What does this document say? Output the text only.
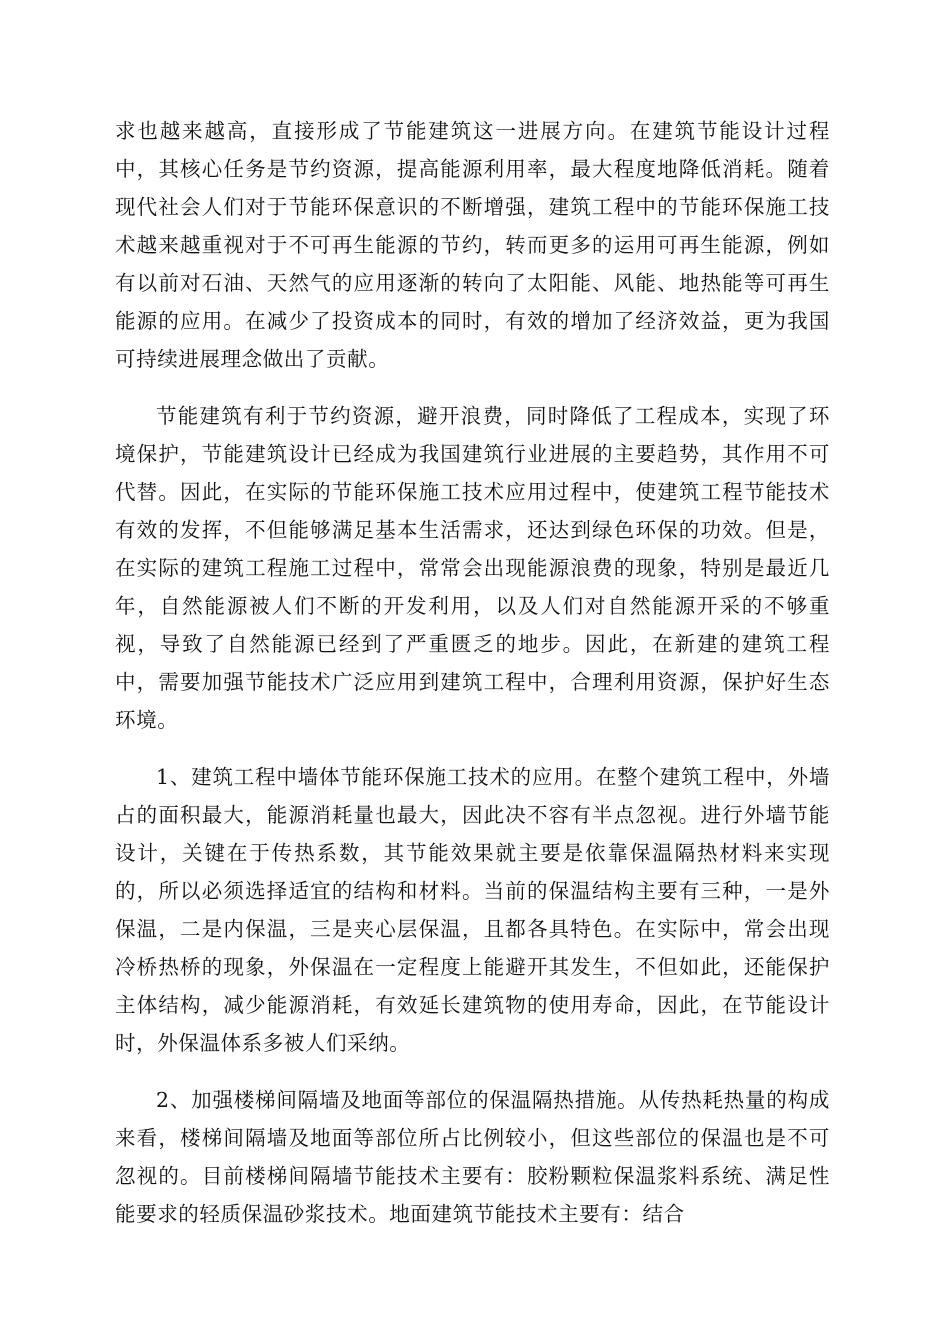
求也越来越高，直接形成了节能建筑这一进展方向。在建筑节能设计过程中，其核心任务是节约资源，提高能源利用率，最大程度地降低消耗。随着现代社会人们对于节能环保意识的不断增强，建筑工程中的节能环保施工技术越来越重视对于不可再生能源的节约，转而更多的运用可再生能源，例如有以前对石油、天然气的应用逐渐的转向了太阳能、风能、地热能等可再生能源的应用。在减少了投资成本的同时，有效的增加了经济效益，更为我国可持续进展理念做出了贡献。

节能建筑有利于节约资源，避开浪费，同时降低了工程成本，实现了环境保护，节能建筑设计已经成为我国建筑行业进展的主要趋势，其作用不可代替。因此，在实际的节能环保施工技术应用过程中，使建筑工程节能技术有效的发挥，不但能够满足基本生活需求，还达到绿色环保的功效。但是，在实际的建筑工程施工过程中，常常会出现能源浪费的现象，特别是最近几年，自然能源被人们不断的开发利用，以及人们对自然能源开采的不够重视，导致了自然能源已经到了严重匮乏的地步。因此，在新建的建筑工程中，需要加强节能技术广泛应用到建筑工程中，合理利用资源，保护好生态环境。

1、建筑工程中墙体节能环保施工技术的应用。在整个建筑工程中，外墙占的面积最大，能源消耗量也最大，因此决不容有半点忽视。进行外墙节能设计，关键在于传热系数，其节能效果就主要是依靠保温隔热材料来实现的，所以必须选择适宜的结构和材料。当前的保温结构主要有三种，一是外保温，二是内保温，三是夹心层保温，且都各具特色。在实际中，常会出现冷桥热桥的现象，外保温在一定程度上能避开其发生，不但如此，还能保护主体结构，减少能源消耗，有效延长建筑物的使用寿命，因此，在节能设计时，外保温体系多被人们采纳。

2、加强楼梯间隔墙及地面等部位的保温隔热措施。从传热耗热量的构成来看，楼梯间隔墙及地面等部位所占比例较小，但这些部位的保温也是不可忽视的。目前楼梯间隔墙节能技术主要有：胶粉颗粒保温浆料系统、满足性能要求的轻质保温砂浆技术。地面建筑节能技术主要有：结合
